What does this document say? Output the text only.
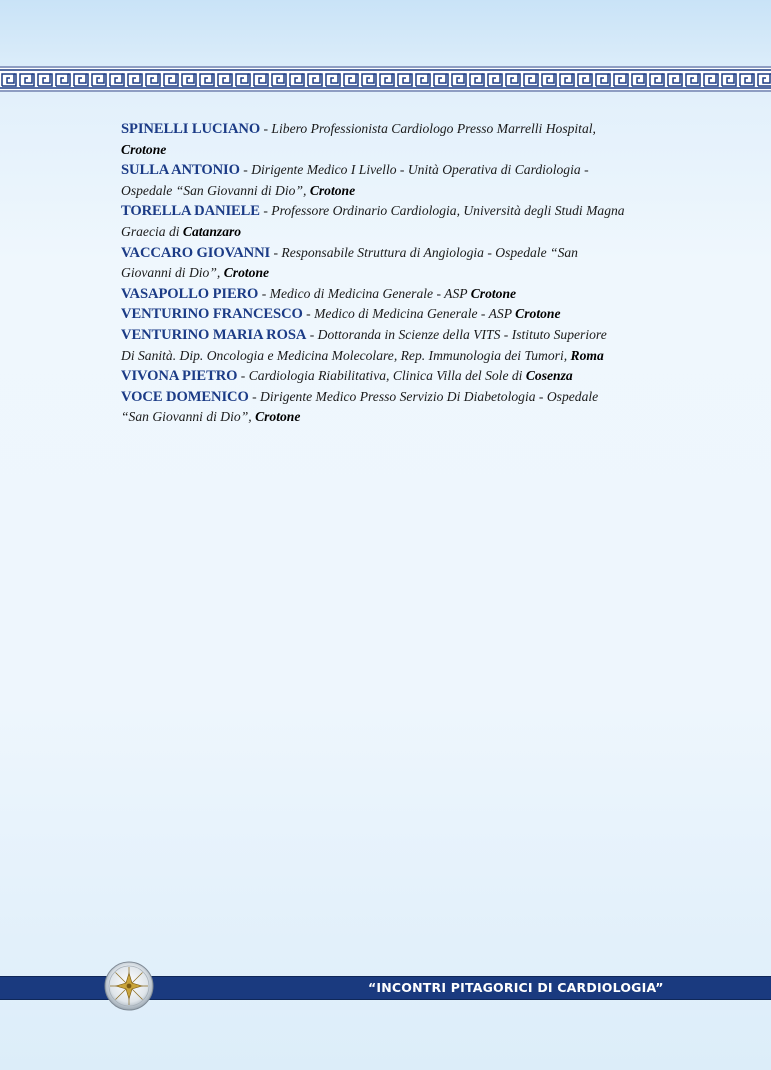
SPINELLI LUCIANO - Libero Professionista Cardiologo Presso Marrelli Hospital,
Crotone

SULLA ANTONIO - Dirigente Medico I Livello - Unità Operativa di Cardiologia -
Ospedale “San Giovanni di Dio”, Crotone

TORELLA DANIELE - Professore Ordinario Cardiologia, Università degli Studi Magna
Graecia di Catanzaro

VACCARO GIOVANNI - Responsabile Struttura di Angiologia - Ospedale “San
Giovanni di Dio”, Crotone

VASAPOLLO PIERO - Medico di Medicina Generale - ASP Crotone

VENTURINO FRANCESCO - Medico di Medicina Generale - ASP Crotone

VENTURINO MARIA ROSA - Dottoranda in Scienze della VITS - Istituto Superiore
Di Sanità. Dip. Oncologia e Medicina Molecolare, Rep. Immunologia dei Tumori, Roma

VIVONA PIETRO - Cardiologia Riabilitativa, Clinica Villa del Sole di Cosenza

VOCE DOMENICO - Dirigente Medico Presso Servizio Di Diabetologia - Ospedale
“San Giovanni di Dio”, Crotone

“INCONTRI PITAGORICI DI CARDIOLOGIA”
